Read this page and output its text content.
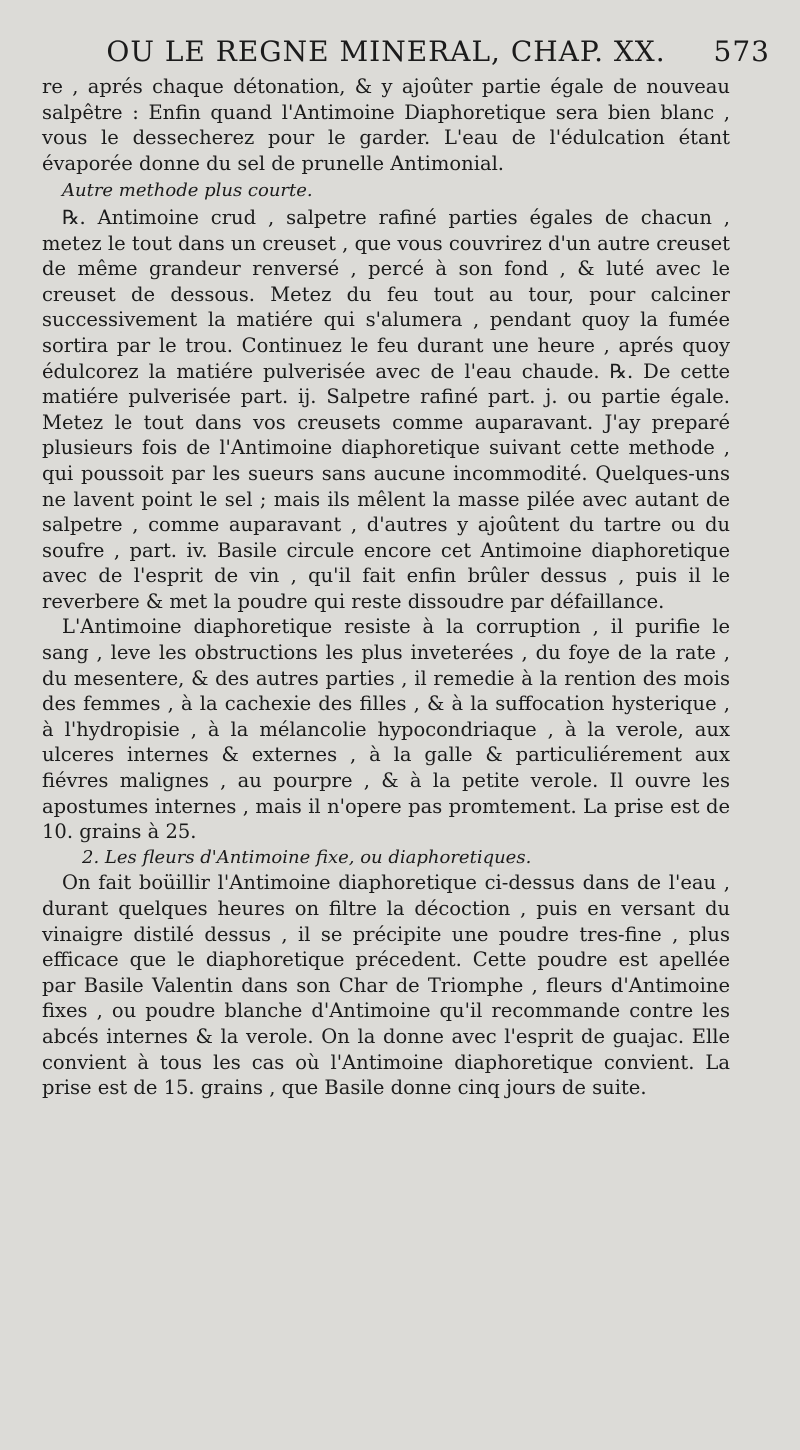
OU LE REGNE MINERAL, CHAP. XX. 573

re , aprés chaque détonation, & y ajoûter partie égale de nouveau salpêtre : Enfin quand l'Antimoine Diaphoretique sera bien blanc , vous le dessecherez pour le garder. L'eau de l'édulcation étant évaporée donne du sel de prunelle Antimonial.

Autre methode plus courte.

℞. Antimoine crud , salpetre rafiné parties égales de chacun , metez le tout dans un creuset , que vous couvrirez d'un autre creuset de même grandeur renversé , percé à son fond , & luté avec le creuset de dessous. Metez du feu tout au tour, pour calciner successivement la matiére qui s'alumera , pendant quoy la fumée sortira par le trou. Continuez le feu durant une heure , aprés quoy édulcorez la matiére pulverisée avec de l'eau chaude. ℞. De cette matiére pulverisée part. ij. Salpetre rafiné part. j. ou partie égale. Metez le tout dans vos creusets comme auparavant. J'ay preparé plusieurs fois de l'Antimoine diaphoretique suivant cette methode , qui poussoit par les sueurs sans aucune incommodité. Quelques-uns ne lavent point le sel ; mais ils mêlent la masse pilée avec autant de salpetre , comme auparavant , d'autres y ajoûtent du tartre ou du soufre , part. iv. Basile circule encore cet Antimoine diaphoretique avec de l'esprit de vin , qu'il fait enfin brûler dessus , puis il le reverbere & met la poudre qui reste dissoudre par défaillance.

L'Antimoine diaphoretique resiste à la corruption , il purifie le sang , leve les obstructions les plus inveterées , du foye de la rate , du mesentere, & des autres parties , il remedie à la rention des mois des femmes , à la cachexie des filles , & à la suffocation hysterique , à l'hydropisie , à la mélancolie hypocondriaque , à la verole, aux ulceres internes & externes , à la galle & particuliérement aux fiévres malignes , au pourpre , & à la petite verole. Il ouvre les apostumes internes , mais il n'opere pas promtement. La prise est de 10. grains à 25.

2. Les fleurs d'Antimoine fixe, ou diaphoretiques.

On fait boüillir l'Antimoine diaphoretique ci-dessus dans de l'eau , durant quelques heures on filtre la décoction , puis en versant du vinaigre distilé dessus , il se précipite une poudre tres-fine , plus efficace que le diaphoretique précedent. Cette poudre est apellée par Basile Valentin dans son Char de Triomphe , fleurs d'Antimoine fixes , ou poudre blanche d'Antimoine qu'il recommande contre les abcés internes & la verole. On la donne avec l'esprit de guajac. Elle convient à tous les cas où l'Antimoine diaphoretique convient. La prise est de 15. grains , que Basile donne cinq jours de suite.
